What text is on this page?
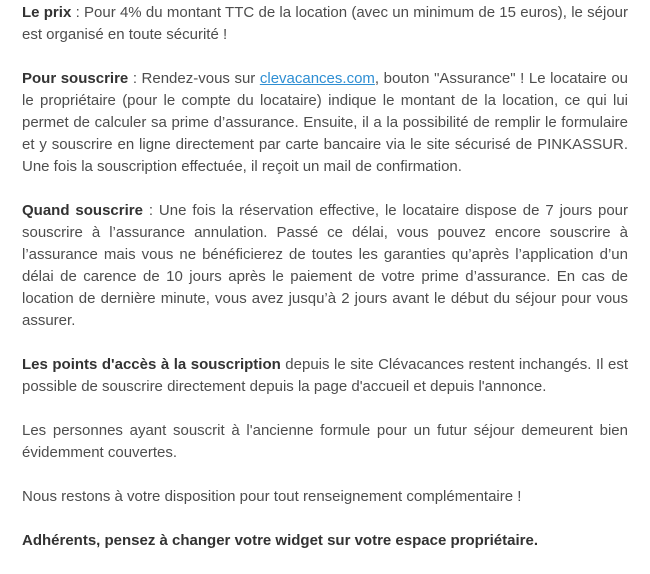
Le prix : Pour 4% du montant TTC de la location (avec un minimum de 15 euros), le séjour est organisé en toute sécurité !

Pour souscrire : Rendez-vous sur clevacances.com, bouton "Assurance" ! Le locataire ou le propriétaire (pour le compte du locataire) indique le montant de la location, ce qui lui permet de calculer sa prime d’assurance. Ensuite, il a la possibilité de remplir le formulaire et y souscrire en ligne directement par carte bancaire via le site sécurisé de PINKASSUR. Une fois la souscription effectuée, il reçoit un mail de confirmation.

Quand souscrire : Une fois la réservation effective, le locataire dispose de 7 jours pour souscrire à l’assurance annulation. Passé ce délai, vous pouvez encore souscrire à l’assurance mais vous ne bénéficierez de toutes les garanties qu’après l’application d’un délai de carence de 10 jours après le paiement de votre prime d’assurance. En cas de location de dernière minute, vous avez jusqu’à 2 jours avant le début du séjour pour vous assurer.

Les points d'accès à la souscription depuis le site Clévacances restent inchangés. Il est possible de souscrire directement depuis la page d'accueil et depuis l'annonce.

Les personnes ayant souscrit à l'ancienne formule pour un futur séjour demeurent bien évidemment couvertes.

Nous restons à votre disposition pour tout renseignement complémentaire !

Adhérents, pensez à changer votre widget sur votre espace propriétaire.
